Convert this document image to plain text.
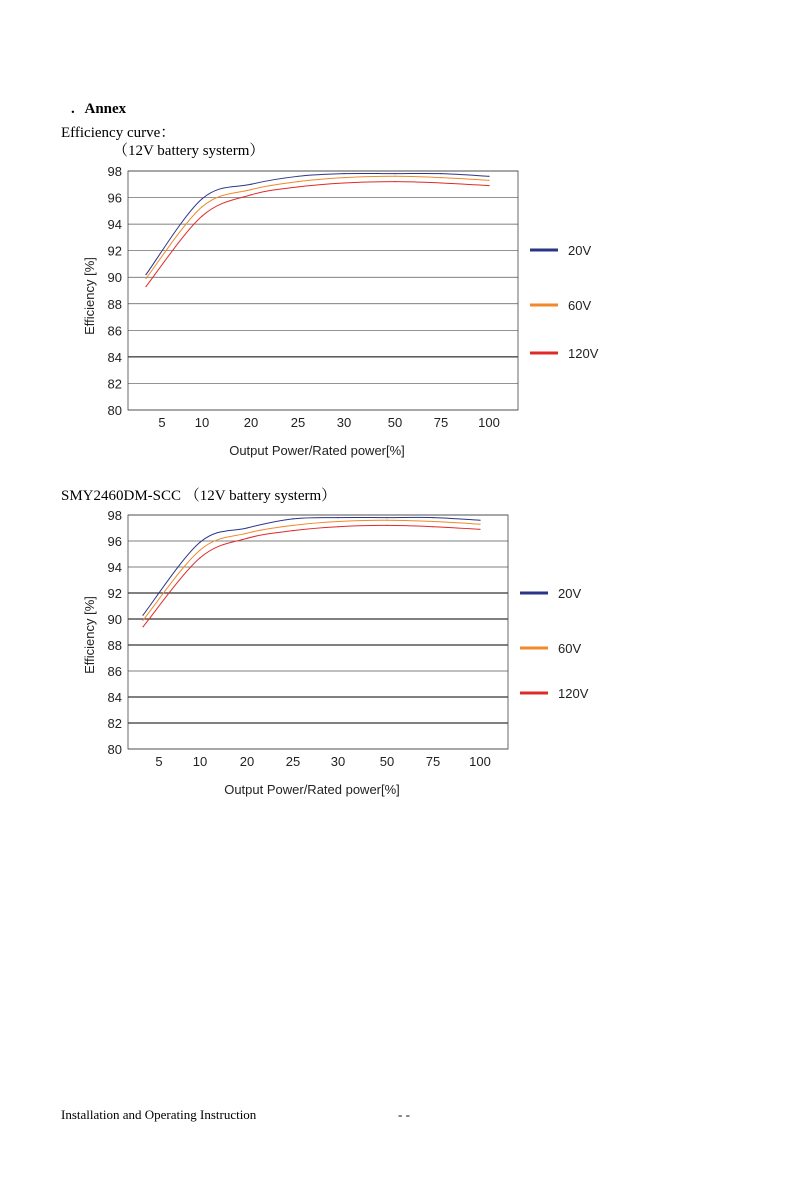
. Annex
Efficiency curve：
（12V battery systerm）
80
82
84
86
88
90
92
94
96
98
5 10	20	25 30	50 75 100
Output Power/Rated power[%]
Efficiency [%]
20V
60V
120V
SMY2460DM-SCC （12V battery systerm）
80
82
84
86
88
90
92
94
96
98
5 10	20 25 30	50 75 100
Output Power/Rated power[%]
Efficiency [%]
20V
60V
120V
Installation and Operating Instruction	- -
